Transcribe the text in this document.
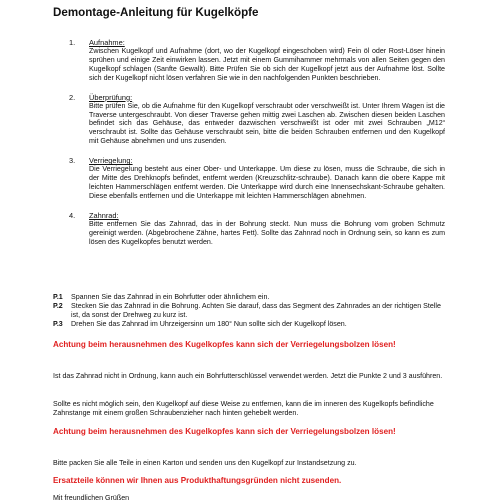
Demontage-Anleitung für Kugelköpfe
1. Aufnahme:
Zwischen Kugelkopf und Aufnahme (dort, wo der Kugelkopf eingeschoben wird) Fein öl oder Rost-Löser hinein sprühen und einige Zeit einwirken lassen. Jetzt mit einem Gummihammer mehrmals von allen Seiten gegen den Kugelkopf schlagen (Sanfte Gewallt). Bitte Prüfen Sie ob sich der Kugelkopf jetzt aus der Aufnahme löst. Sollte sich der Kugelkopf nicht lösen verfahren Sie wie in den nachfolgenden Punkten beschrieben.
2. Überprüfung:
Bitte prüfen Sie, ob die Aufnahme für den Kugelkopf verschraubt oder verschweißt ist. Unter Ihrem Wagen ist die Traverse untergeschraubt. Von dieser Traverse gehen mittig zwei Laschen ab. Zwischen diesen beiden Laschen befindet sich das Gehäuse, das entweder dazwischen verschweißt ist oder mit zwei Schrauben „M12“ verschraubt ist. Sollte das Gehäuse verschraubt sein, bitte die beiden Schrauben entfernen und den Kugelkopf mit Gehäuse abnehmen und uns zusenden.
3. Verriegelung:
Die Verriegelung besteht aus einer Ober- und Unterkappe. Um diese zu lösen, muss die Schraube, die sich in der Mitte des Drehknopfs befindet, entfernt werden (Kreuzschlitz-schraube). Danach kann die obere Kappe mit leichten Hammerschlägen entfernt werden. Die Unterkappe wird durch eine Innensechskant-Schraube gehalten. Diese ebenfalls entfernen und die Unterkappe mit leichten Hammerschlägen abnehmen.
4. Zahnrad:
Bitte entfernen Sie das Zahnrad, das in der Bohrung steckt. Nun muss die Bohrung vom groben Schmutz gereinigt werden. (Abgebrochene Zähne, hartes Fett). Sollte das Zahnrad noch in Ordnung sein, so kann es zum lösen des Kugelkopfes benutzt werden.
P.1 Spannen Sie das Zahnrad in ein Bohrfutter oder ähnlichem ein.
P.2 Stecken Sie das Zahnrad in die Bohrung. Achten Sie darauf, dass das Segment des Zahnrades an der richtigen Stelle ist, da sonst der Drehweg zu kurz ist.
P.3 Drehen Sie das Zahnrad im Uhrzeigersinn um 180° Nun sollte sich der Kugelkopf lösen.
Achtung beim herausnehmen des Kugelkopfes kann sich der Verriegelungsbolzen lösen!
Ist das Zahnrad nicht in Ordnung, kann auch ein Bohrfutterschlüssel verwendet werden. Jetzt die Punkte 2 und 3 ausführen.
Sollte es nicht möglich sein, den Kugelkopf auf diese Weise zu entfernen, kann die im inneren des Kugelkopfs befindliche Zahnstange mit einem großen Schraubenzieher nach hinten gehebelt werden.
Achtung beim herausnehmen des Kugelkopfes kann sich der Verriegelungsbolzen lösen!
Bitte packen Sie alle Teile in einen Karton und senden uns den Kugelkopf zur Instandsetzung zu.
Ersatzteile können wir Ihnen aus Produkthaftungsgründen nicht zusenden.
Mit freundlichen Grüßen
